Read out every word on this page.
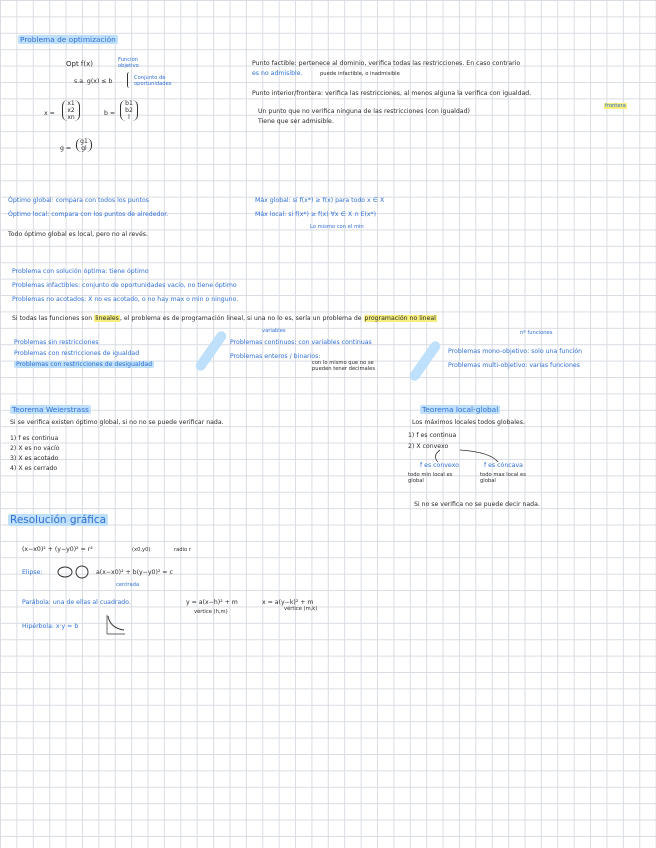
Problema de optimización
Opt f(x)	Función objetivo
s.a. g(x) ≤ b	Conjunto de oportunidades
x =
x1
x2
xn
b =
b1
b2
l
g =
g1
gl
Punto factible: pertenece al dominio, verifica todas las restricciones. En caso contrario
es no admisible.	puede infactible, o inadmisible
Punto interior/frontera: verifica las restricciones, al menos alguna la verifica con igualdad.
frontera
Un punto que no verifica ninguna de las restricciones (con igualdad)
Tiene que ser admisible.
Óptimo global: compara con todos los puntos
Óptimo local: compara con los puntos de alrededor.
Todo óptimo global es local, pero no al revés.
Máx global: si f(x*) ≥ f(x) para todo x ∈ X
Máx local: si f(x*) ≥ f(x) ∀x ∈ X ∩ E(x*)
Lo mismo con el min
Problema con solución óptima: tiene óptimo
Problemas infactibles: conjunto de oportunidades vacío, no tiene óptimo
Problemas no acotados: X no es acotado, o no hay max o min o ninguno.
Si todas las funciones son lineales, el problema es de programación lineal, si una no lo es, sería un problema de programación no lineal
Problemas sin restricciones
Problemas con restricciones de igualdad
Problemas con restricciones de desigualdad
variables
Problemas continuos: con variables continuas
Problemas enteros / binarios:
con lo mismo que no se pueden tener decimales
nº funciones
Problemas mono-objetivo: solo una función
Problemas multi-objetivo: varias funciones
Teorema Weierstrass
Si se verifica existen óptimo global, si no no se puede verificar nada.
1) f es continua
2) X es no vacío
3) X es acotado
4) X es cerrado
Teorema local-global
Los máximos locales todos globales.
1) f es continua
2) X convexo
f es convexo
todo min local es global
f es cóncava
todo max local es global
Si no se verifica no se puede decir nada.
Resolución gráfica
(x−x0)² + (y−y0)² = r²	(x0,y0)	radio r
Elipse:	a(x−x0)² + b(y−y0)² = c
centrada
Parábola: una de ellas al cuadrado.	y = a(x−h)² + m
vértice (h,m)
x = a(y−k)² + m
vértice (m,k)
Hipérbola: x·y = b
